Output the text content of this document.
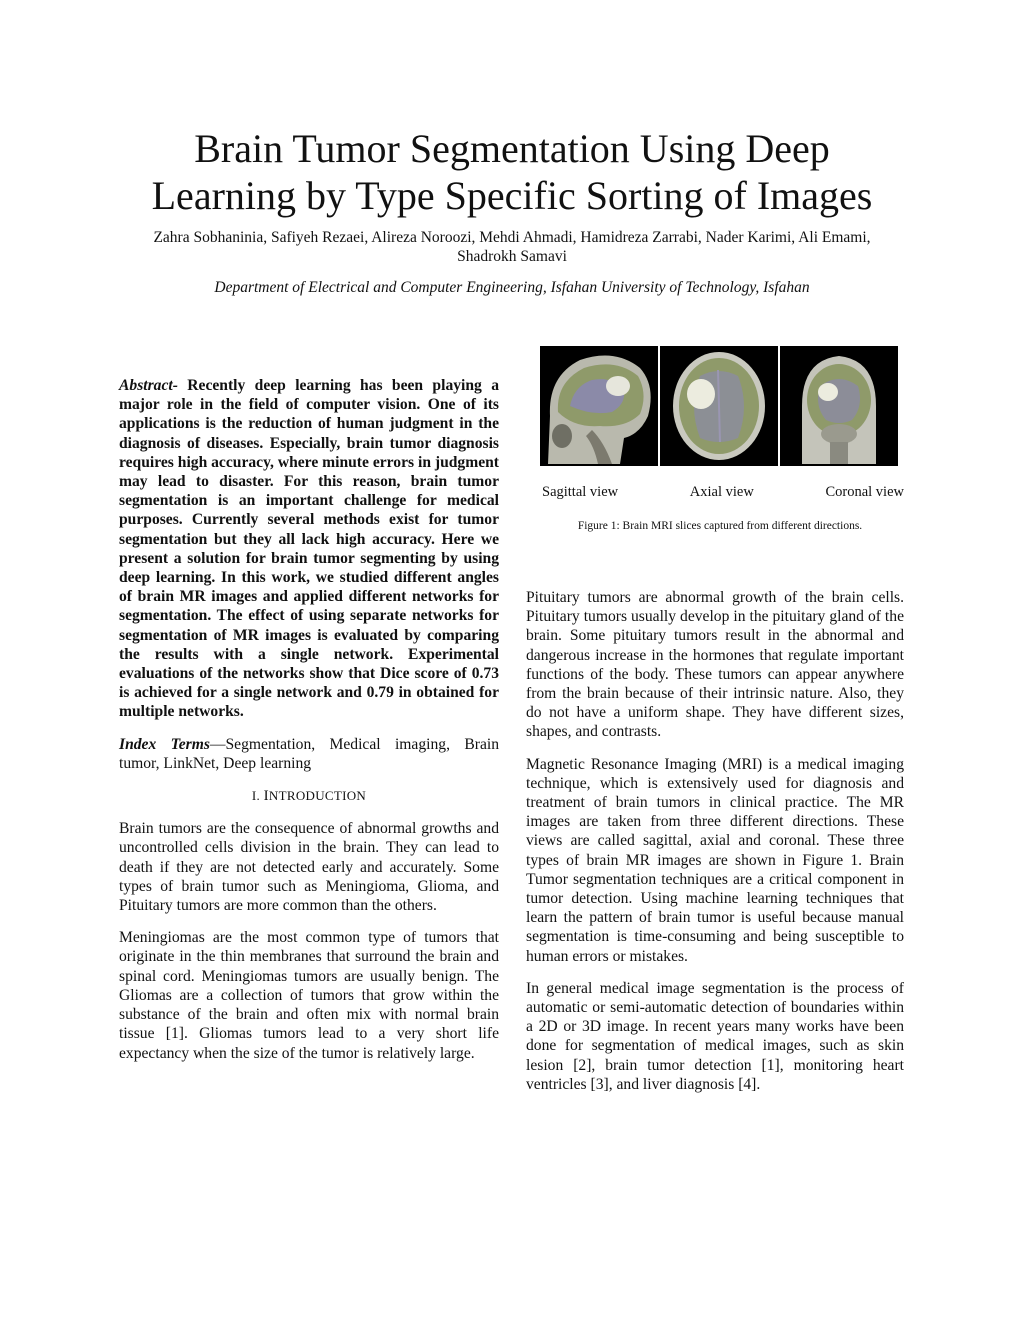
Brain Tumor Segmentation Using Deep
Learning by Type Specific Sorting of Images
Zahra Sobhaninia, Safiyeh Rezaei, Alireza Noroozi, Mehdi Ahmadi, Hamidreza Zarrabi, Nader Karimi, Ali Emami,
Shadrokh Samavi
Department of Electrical and Computer Engineering, Isfahan University of Technology, Isfahan

Abstract- Recently deep learning has been playing a major role in the field of computer vision. One of its applications is the reduction of human judgment in the diagnosis of diseases. Especially, brain tumor diagnosis requires high accuracy, where minute errors in judgment may lead to disaster. For this reason, brain tumor segmentation is an important challenge for medical purposes. Currently several methods exist for tumor segmentation but they all lack high accuracy. Here we present a solution for brain tumor segmenting by using deep learning. In this work, we studied different angles of brain MR images and applied different networks for segmentation. The effect of using separate networks for segmentation of MR images is evaluated by comparing the results with a single network. Experimental evaluations of the networks show that Dice score of 0.73 is achieved for a single network and 0.79 in obtained for multiple networks.

Index Terms—Segmentation, Medical imaging, Brain tumor, LinkNet, Deep learning

I. INTRODUCTION

Brain tumors are the consequence of abnormal growths and uncontrolled cells division in the brain. They can lead to death if they are not detected early and accurately. Some types of brain tumor such as Meningioma, Glioma, and Pituitary tumors are more common than the others.

Meningiomas are the most common type of tumors that originate in the thin membranes that surround the brain and spinal cord. Meningiomas tumors are usually benign. The Gliomas are a collection of tumors that grow within the substance of the brain and often mix with normal brain tissue [1]. Gliomas tumors lead to a very short life expectancy when the size of the tumor is relatively large.

Sagittal view	Axial view	Coronal view
Figure 1: Brain MRI slices captured from different directions.

Pituitary tumors are abnormal growth of the brain cells. Pituitary tumors usually develop in the pituitary gland of the brain. Some pituitary tumors result in the abnormal and dangerous increase in the hormones that regulate important functions of the body. These tumors can appear anywhere from the brain because of their intrinsic nature. Also, they do not have a uniform shape. They have different sizes, shapes, and contrasts.

Magnetic Resonance Imaging (MRI) is a medical imaging technique, which is extensively used for diagnosis and treatment of brain tumors in clinical practice. The MR images are taken from three different directions. These views are called sagittal, axial and coronal. These three types of brain MR images are shown in Figure 1. Brain Tumor segmentation techniques are a critical component in tumor detection. Using machine learning techniques that learn the pattern of brain tumor is useful because manual segmentation is time-consuming and being susceptible to human errors or mistakes.

In general medical image segmentation is the process of automatic or semi-automatic detection of boundaries within a 2D or 3D image. In recent years many works have been done for segmentation of medical images, such as skin lesion [2], brain tumor detection [1], monitoring heart ventricles [3], and liver diagnosis [4].
